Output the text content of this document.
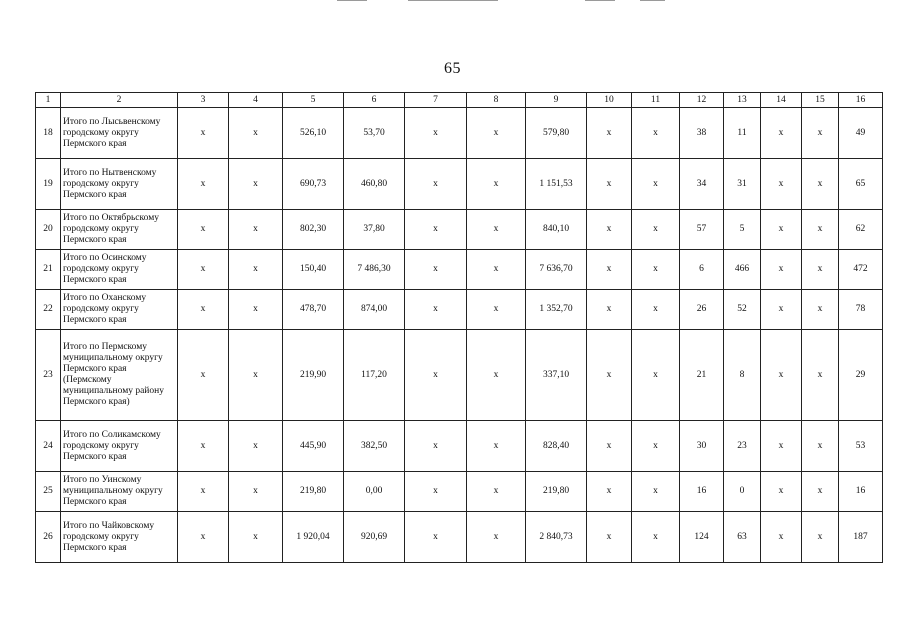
65
1	2	3	4	5	6	7	8	9	10	11	12	13	14	15	16
18	Итого по Лысьвенскому городскому округу Пермского края	х	х	526,10	53,70	х	х	579,80	х	х	38	11	х	х	49
19	Итого по Нытвенскому городскому округу Пермского края	х	х	690,73	460,80	х	х	1 151,53	х	х	34	31	х	х	65
20	Итого по Октябрьскому городскому округу Пермского края	х	х	802,30	37,80	х	х	840,10	х	х	57	5	х	х	62
21	Итого по Осинскому городскому округу Пермского края	х	х	150,40	7 486,30	х	х	7 636,70	х	х	6	466	х	х	472
22	Итого по Оханскому городскому округу Пермского края	х	х	478,70	874,00	х	х	1 352,70	х	х	26	52	х	х	78
23	Итого по Пермскому муниципальному округу Пермского края (Пермскому муниципальному району Пермского края)	х	х	219,90	117,20	х	х	337,10	х	х	21	8	х	х	29
24	Итого по Соликамскому городскому округу Пермского края	х	х	445,90	382,50	х	х	828,40	х	х	30	23	х	х	53
25	Итого по Уинскому муниципальному округу Пермского края	х	х	219,80	0,00	х	х	219,80	х	х	16	0	х	х	16
26	Итого по Чайковскому городскому округу Пермского края	х	х	1 920,04	920,69	х	х	2 840,73	х	х	124	63	х	х	187
